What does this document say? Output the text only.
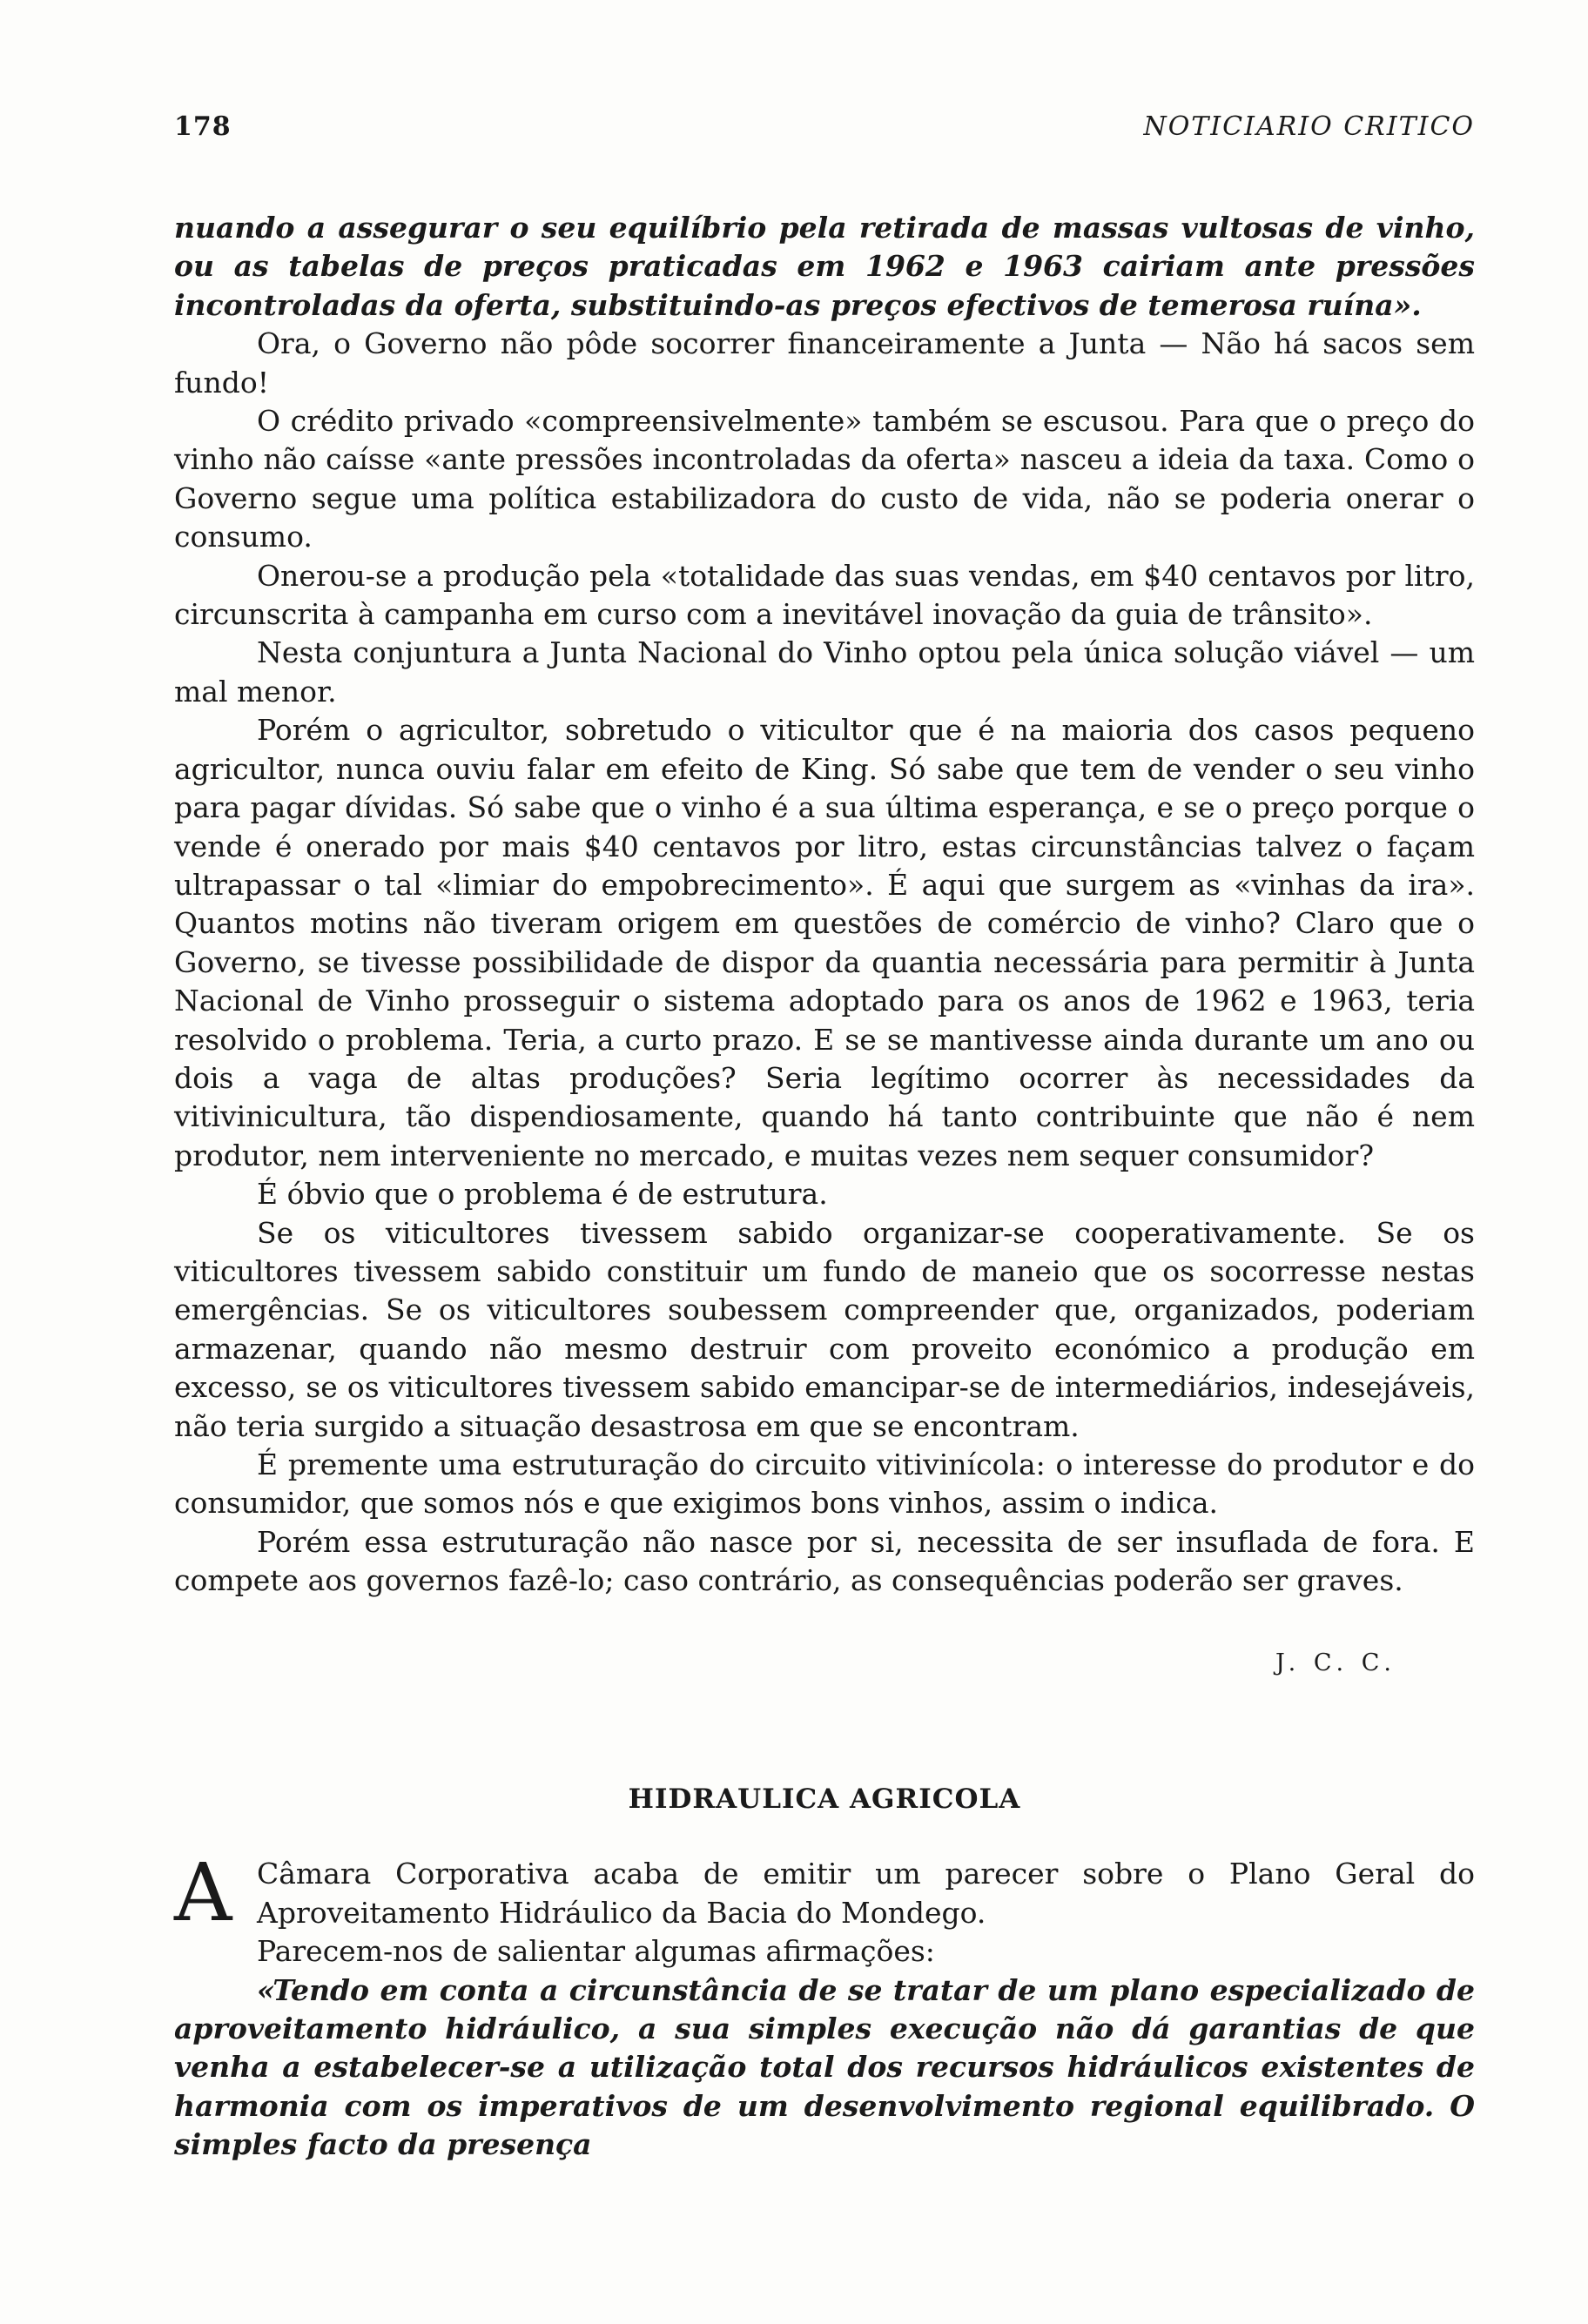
178	NOTICIARIO CRITICO

nuando a assegurar o seu equilíbrio pela retirada de massas vultosas de vinho, ou as tabelas de preços praticadas em 1962 e 1963 cairiam ante pressões incontroladas da oferta, substituindo-as preços efectivos de temerosa ruína».

Ora, o Governo não pôde socorrer financeiramente a Junta — Não há sacos sem fundo!

O crédito privado «compreensivelmente» também se escusou. Para que o preço do vinho não caísse «ante pressões incontroladas da oferta» nasceu a ideia da taxa. Como o Governo segue uma política estabilizadora do custo de vida, não se poderia onerar o consumo.

Onerou-se a produção pela «totalidade das suas vendas, em $40 centavos por litro, circunscrita à campanha em curso com a inevitável inovação da guia de trânsito».

Nesta conjuntura a Junta Nacional do Vinho optou pela única solução viável — um mal menor.

Porém o agricultor, sobretudo o viticultor que é na maioria dos casos pequeno agricultor, nunca ouviu falar em efeito de King. Só sabe que tem de vender o seu vinho para pagar dívidas. Só sabe que o vinho é a sua última esperança, e se o preço porque o vende é onerado por mais $40 centavos por litro, estas circunstâncias talvez o façam ultrapassar o tal «limiar do empobrecimento». É aqui que surgem as «vinhas da ira». Quantos motins não tiveram origem em questões de comércio de vinho? Claro que o Governo, se tivesse possibilidade de dispor da quantia necessária para permitir à Junta Nacional de Vinho prosseguir o sistema adoptado para os anos de 1962 e 1963, teria resolvido o problema. Teria, a curto prazo. E se se mantivesse ainda durante um ano ou dois a vaga de altas produções? Seria legítimo ocorrer às necessidades da vitivinicultura, tão dispendiosamente, quando há tanto contribuinte que não é nem produtor, nem interveniente no mercado, e muitas vezes nem sequer consumidor?

É óbvio que o problema é de estrutura.

Se os viticultores tivessem sabido organizar-se cooperativamente. Se os viticultores tivessem sabido constituir um fundo de maneio que os socorresse nestas emergências. Se os viticultores soubessem compreender que, organizados, poderiam armazenar, quando não mesmo destruir com proveito económico a produção em excesso, se os viticultores tivessem sabido emancipar-se de intermediários, indesejáveis, não teria surgido a situação desastrosa em que se encontram.

É premente uma estruturação do circuito vitivinícola: o interesse do produtor e do consumidor, que somos nós e que exigimos bons vinhos, assim o indica.

Porém essa estruturação não nasce por si, necessita de ser insuflada de fora. E compete aos governos fazê-lo; caso contrário, as consequências poderão ser graves.

J. C. C.
HIDRAULICA AGRICOLA

A Câmara Corporativa acaba de emitir um parecer sobre o Plano Geral do Aproveitamento Hidráulico da Bacia do Mondego.

Parecem-nos de salientar algumas afirmações:

«Tendo em conta a circunstância de se tratar de um plano especializado de aproveitamento hidráulico, a sua simples execução não dá garantias de que venha a estabelecer-se a utilização total dos recursos hidráulicos existentes de harmonia com os imperativos de um desenvolvimento regional equilibrado. O simples facto da presença
